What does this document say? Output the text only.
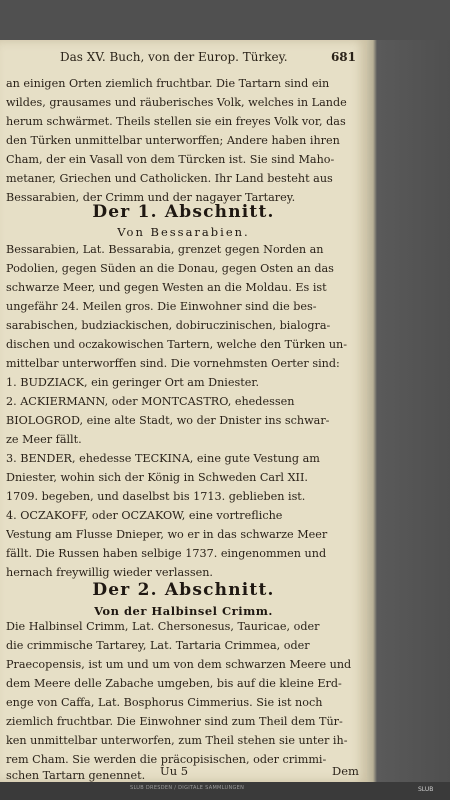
Das XV. Buch, von der Europ. Türkey.	681
an einigen Orten ziemlich fruchtbar. Die Tartarn sind ein
wildes, grausames und räuberisches Volk, welches in Lande
herum schwärmet. Theils stellen sie ein freyes Volk vor, das
den Türken unmittelbar unterworffen; Andere haben ihren
Cham, der ein Vasall von dem Türcken ist. Sie sind Maho-
metaner, Griechen und Catholicken. Ihr Land besteht aus
Bessarabien, der Crimm und der nagayer Tartarey.
Der 1. Abschnitt.
Von Bessarabien.
Bessarabien, Lat. Bessarabia, grenzet gegen Norden an
Podolien, gegen Süden an die Donau, gegen Osten an das
schwarze Meer, und gegen Westen an die Moldau. Es ist
ungefähr 24. Meilen gros. Die Einwohner sind die bes-
sarabischen, budziackischen, dobiruczinischen, bialogra-
dischen und oczakowischen Tartern, welche den Türken un-
mittelbar unterworffen sind. Die vornehmsten Oerter sind:
1. BUDZIACK, ein geringer Ort am Dniester.
2. ACKIERMANN, oder MONTCASTRO, ehedessen
BIOLOGROD, eine alte Stadt, wo der Dnister ins schwar-
ze Meer fällt.
3. BENDER, ehedesse TECKINA, eine gute Vestung am
Dniester, wohin sich der König in Schweden Carl XII.
1709. begeben, und daselbst bis 1713. geblieben ist.
4. OCZAKOFF, oder OCZAKOW, eine vortrefliche
Vestung am Flusse Dnieper, wo er in das schwarze Meer
fällt. Die Russen haben selbige 1737. eingenommen und
hernach freywillig wieder verlassen.
Der 2. Abschnitt.
Von der Halbinsel Crimm.
Die Halbinsel Crimm, Lat. Chersonesus, Tauricae, oder
die crimmische Tartarey, Lat. Tartaria Crimmea, oder
Praecopensis, ist um und um von dem schwarzen Meere und
dem Meere delle Zabache umgeben, bis auf die kleine Erd-
enge von Caffa, Lat. Bosphorus Cimmerius. Sie ist noch
ziemlich fruchtbar. Die Einwohner sind zum Theil dem Tür-
ken unmittelbar unterworfen, zum Theil stehen sie unter ih-
rem Cham. Sie werden die präcopisischen, oder crimmi-
schen Tartarn genennet.	Uu 5	Dem
SLUB DRESDEN / DIGITALE SAMMLUNGEN	SLUB
